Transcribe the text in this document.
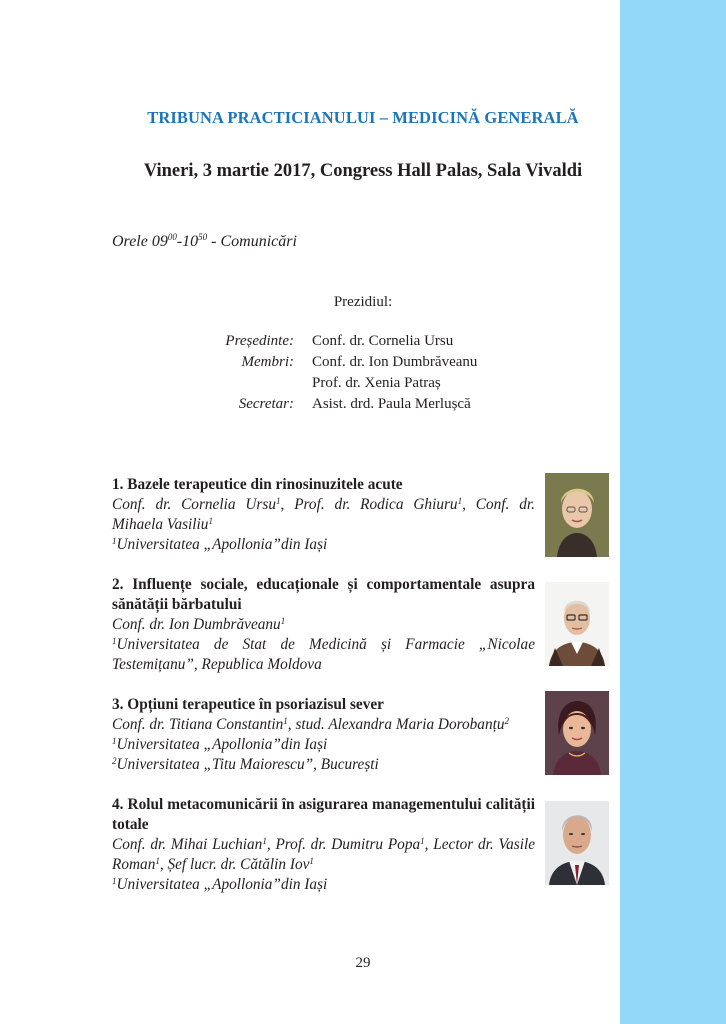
TRIBUNA PRACTICIANULUI – MEDICINĂ GENERALĂ
Vineri, 3 martie 2017, Congress Hall Palas, Sala Vivaldi
Orele $09^{00}-10^{50}$ - Comunicări
Prezidiul:
Președinte: Conf. dr. Cornelia Ursu
Membri: Conf. dr. Ion Dumbrăveanu
Prof. dr. Xenia Patraș
Secretar: Asist. drd. Paula Merlușcă
1. Bazele terapeutice din rinosinuzitele acute
Conf. dr. Cornelia Ursu$^1$, Prof. dr. Rodica Ghiuru$^1$, Conf. dr. Mihaela Vasiliu$^1$
$^1$Universitatea „Apollonia”din Iași
2. Influențe sociale, educaționale și comportamentale asupra sănătății bărbatului
Conf. dr. Ion Dumbrăveanu$^1$
$^1$Universitatea de Stat de Medicină și Farmacie „Nicolae Testemițanu”, Republica Moldova
3. Opțiuni terapeutice în psoriazisul sever
Conf. dr. Titiana Constantin$^1$, stud. Alexandra Maria Dorobanțu$^2$
$^1$Universitatea „Apollonia”din Iași
$^2$Universitatea „Titu Maiorescu”, București
4. Rolul metacomunicării în asigurarea managementului calității totale
Conf. dr. Mihai Luchian$^1$, Prof. dr. Dumitru Popa$^1$, Lector dr. Vasile Roman$^1$, Șef lucr. dr. Cătălin Iov$^1$
$^1$Universitatea „Apollonia”din Iași
29
